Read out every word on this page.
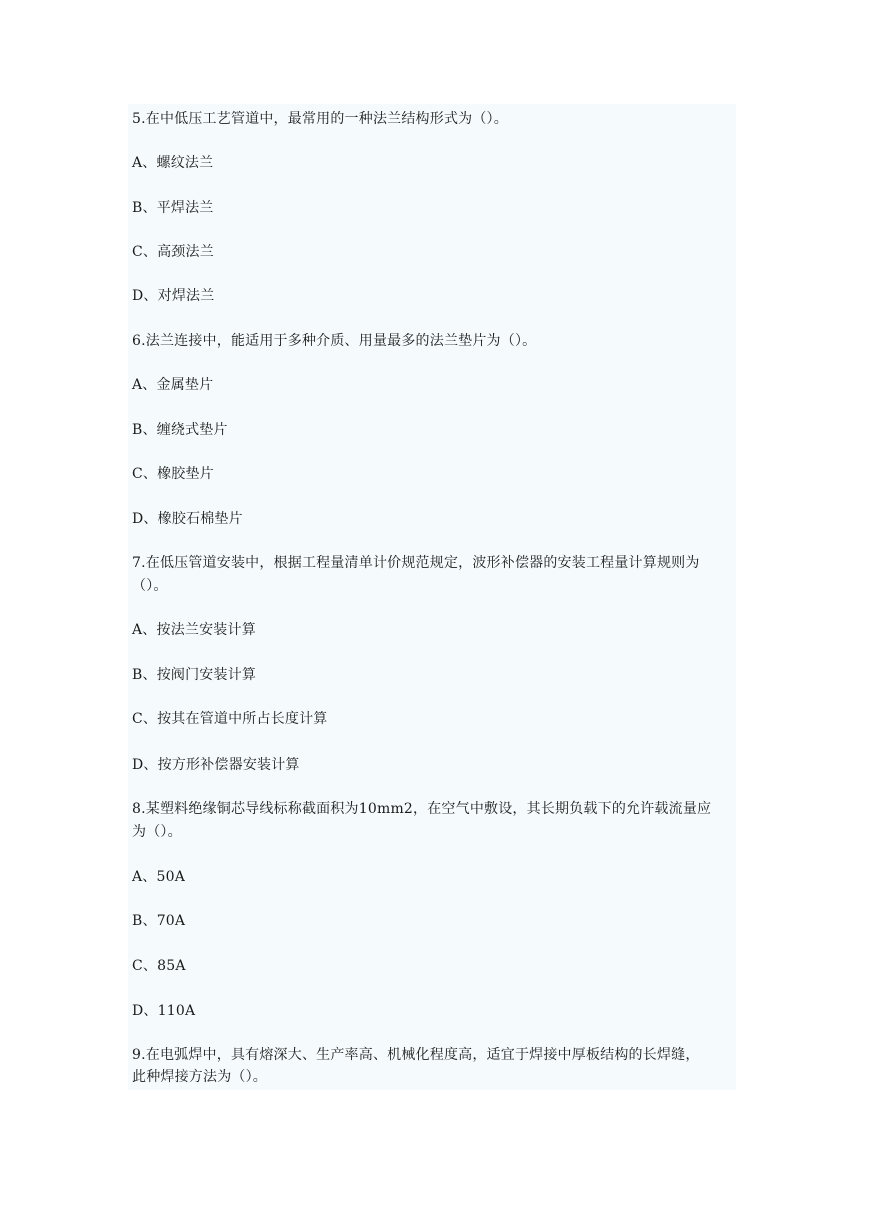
5.在中低压工艺管道中，最常用的一种法兰结构形式为（）。
A、螺纹法兰
B、平焊法兰
C、高颈法兰
D、对焊法兰
6.法兰连接中，能适用于多种介质、用量最多的法兰垫片为（）。
A、金属垫片
B、缠绕式垫片
C、橡胶垫片
D、橡胶石棉垫片
7.在低压管道安装中，根据工程量清单计价规范规定，波形补偿器的安装工程量计算规则为
（）。
A、按法兰安装计算
B、按阀门安装计算
C、按其在管道中所占长度计算
D、按方形补偿器安装计算
8.某塑料绝缘铜芯导线标称截面积为10mm2，在空气中敷设，其长期负载下的允许载流量应
为（）。
A、50A
B、70A
C、85A
D、110A
9.在电弧焊中，具有熔深大、生产率高、机械化程度高，适宜于焊接中厚板结构的长焊缝，
此种焊接方法为（）。
